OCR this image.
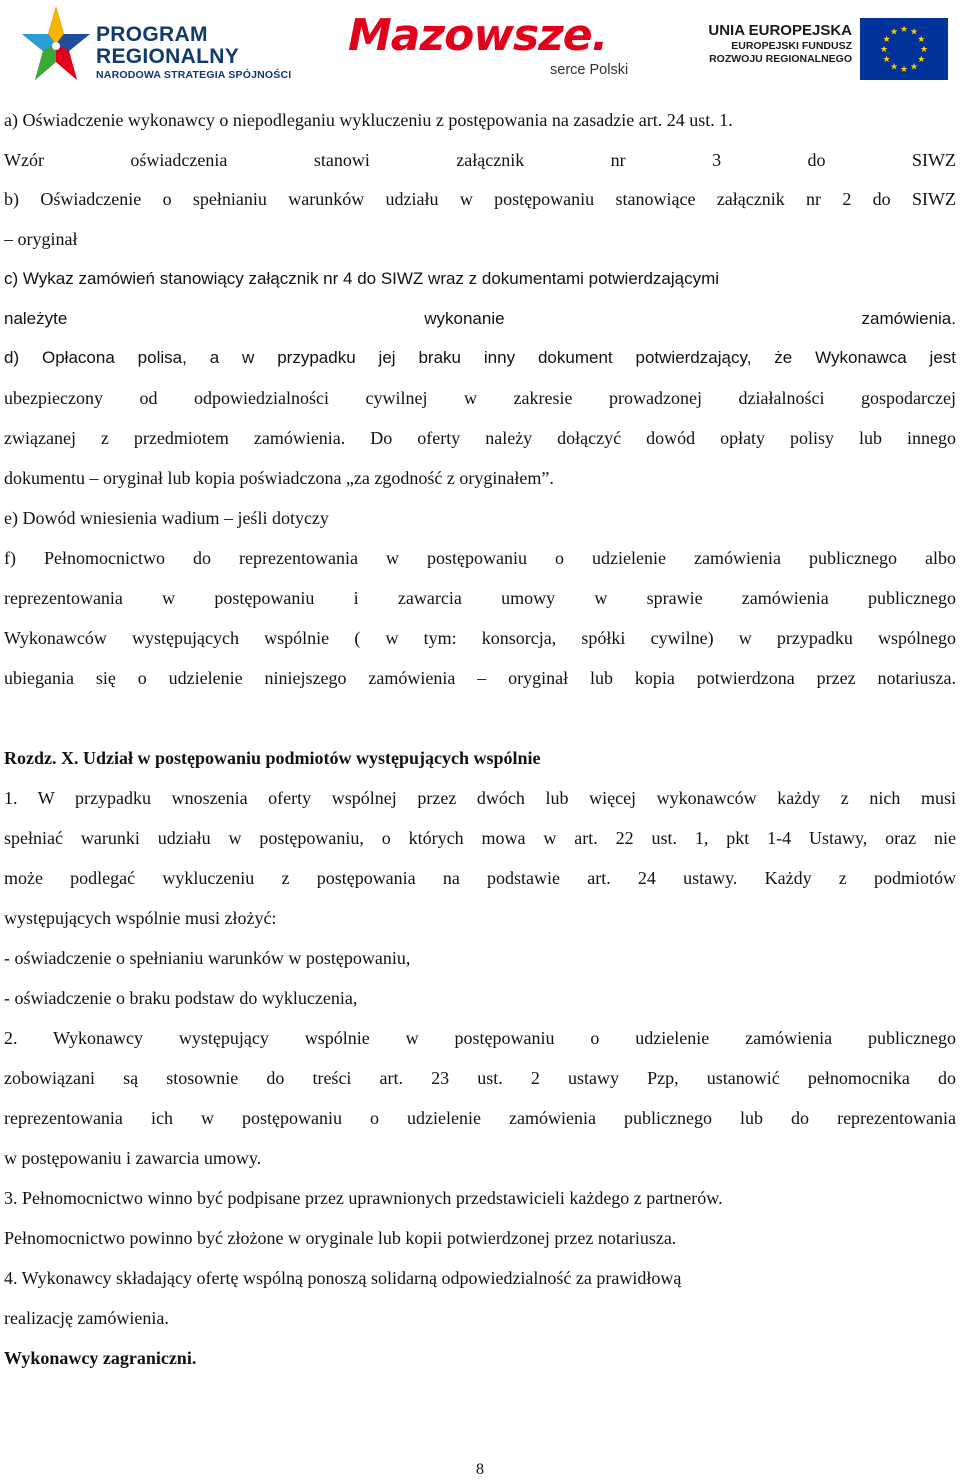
PROGRAM
REGIONALNY
NARODOWA STRATEGIA SPÓJNOŚCI
Mazowsze.
serce Polski
UNIA EUROPEJSKA
EUROPEJSKI FUNDUSZ
ROZWOJU REGIONALNEGO
★ ★
★
★
★
★
★
★
★
★
★
★
a) Oświadczenie wykonawcy o niepodleganiu wykluczeniu z postępowania na zasadzie art. 24 ust. 1.
Wzór oświadczenia stanowi załącznik nr 3 do SIWZ
b) Oświadczenie o spełnianiu warunków udziału w postępowaniu stanowiące załącznik nr 2 do SIWZ
– oryginał
c) Wykaz zamówień stanowiący załącznik nr 4 do SIWZ wraz z dokumentami potwierdzającymi
należyte wykonanie zamówienia.
d) Opłacona polisa, a w przypadku jej braku inny dokument potwierdzający, że Wykonawca jest
ubezpieczony od odpowiedzialności cywilnej w zakresie prowadzonej działalności gospodarczej
związanej z przedmiotem zamówienia. Do oferty należy dołączyć dowód opłaty polisy lub innego
dokumentu – oryginał lub kopia poświadczona „za zgodność z oryginałem”.
e) Dowód wniesienia wadium – jeśli dotyczy
f) Pełnomocnictwo do reprezentowania w postępowaniu o udzielenie zamówienia publicznego albo
reprezentowania w postępowaniu i zawarcia umowy w sprawie zamówienia publicznego
Wykonawców występujących wspólnie ( w tym: konsorcja, spółki cywilne) w przypadku wspólnego
ubiegania się o udzielenie niniejszego zamówienia – oryginał lub kopia potwierdzona przez notariusza.
Rozdz. X. Udział w postępowaniu podmiotów występujących wspólnie
1. W przypadku wnoszenia oferty wspólnej przez dwóch lub więcej wykonawców każdy z nich musi
spełniać warunki udziału w postępowaniu, o których mowa w art. 22 ust. 1, pkt 1-4 Ustawy, oraz nie
może podlegać wykluczeniu z postępowania na podstawie art. 24 ustawy. Każdy z podmiotów
występujących wspólnie musi złożyć:
- oświadczenie o spełnianiu warunków w postępowaniu,
- oświadczenie o braku podstaw do wykluczenia,
2. Wykonawcy występujący wspólnie w postępowaniu o udzielenie zamówienia publicznego
zobowiązani są stosownie do treści art. 23 ust. 2 ustawy Pzp, ustanowić pełnomocnika do
reprezentowania ich w postępowaniu o udzielenie zamówienia publicznego lub do reprezentowania
w postępowaniu i zawarcia umowy.
3. Pełnomocnictwo winno być podpisane przez uprawnionych przedstawicieli każdego z partnerów.
Pełnomocnictwo powinno być złożone w oryginale lub kopii potwierdzonej przez notariusza.
4. Wykonawcy składający ofertę wspólną ponoszą solidarną odpowiedzialność za prawidłową
realizację zamówienia.
Wykonawcy zagraniczni.
8
